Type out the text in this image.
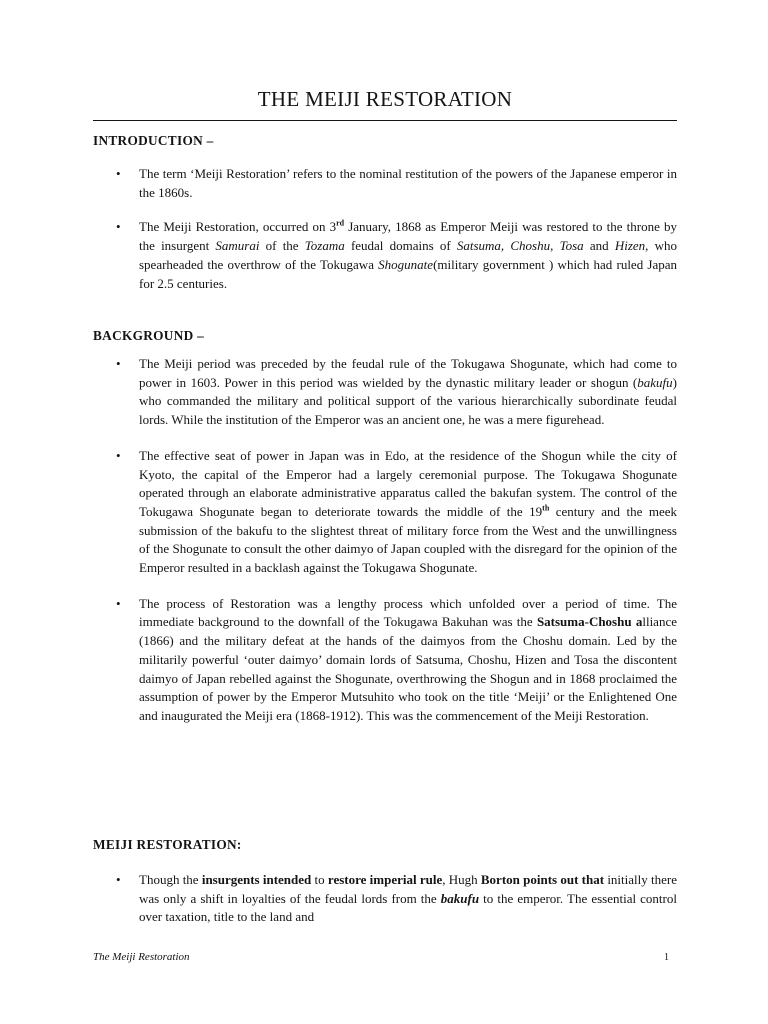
THE MEIJI RESTORATION
INTRODUCTION –
• The term ‘Meiji Restoration’ refers to the nominal restitution of the powers of the Japanese emperor in the 1860s.
• The Meiji Restoration, occurred on 3rd January, 1868 as Emperor Meiji was restored to the throne by the insurgent Samurai of the Tozama feudal domains of Satsuma, Choshu, Tosa and Hizen, who spearheaded the overthrow of the Tokugawa Shogunate(military government ) which had ruled Japan for 2.5 centuries.
BACKGROUND –
• The Meiji period was preceded by the feudal rule of the Tokugawa Shogunate, which had come to power in 1603. Power in this period was wielded by the dynastic military leader or shogun (bakufu) who commanded the military and political support of the various hierarchically subordinate feudal lords. While the institution of the Emperor was an ancient one, he was a mere figurehead.
• The effective seat of power in Japan was in Edo, at the residence of the Shogun while the city of Kyoto, the capital of the Emperor had a largely ceremonial purpose. The Tokugawa Shogunate operated through an elaborate administrative apparatus called the bakufan system. The control of the Tokugawa Shogunate began to deteriorate towards the middle of the 19th century and the meek submission of the bakufu to the slightest threat of military force from the West and the unwillingness of the Shogunate to consult the other daimyo of Japan coupled with the disregard for the opinion of the Emperor resulted in a backlash against the Tokugawa Shogunate.
• The process of Restoration was a lengthy process which unfolded over a period of time. The immediate background to the downfall of the Tokugawa Bakuhan was the Satsuma-Choshu alliance (1866) and the military defeat at the hands of the daimyos from the Choshu domain. Led by the militarily powerful ‘outer daimyo’ domain lords of Satsuma, Choshu, Hizen and Tosa the discontent daimyo of Japan rebelled against the Shogunate, overthrowing the Shogun and in 1868 proclaimed the assumption of power by the Emperor Mutsuhito who took on the title ‘Meiji’ or the Enlightened One and inaugurated the Meiji era (1868-1912). This was the commencement of the Meiji Restoration.
MEIJI RESTORATION:
• Though the insurgents intended to restore imperial rule, Hugh Borton points out that initially there was only a shift in loyalties of the feudal lords from the bakufu to the emperor. The essential control over taxation, title to the land and
The Meiji Restoration	1
